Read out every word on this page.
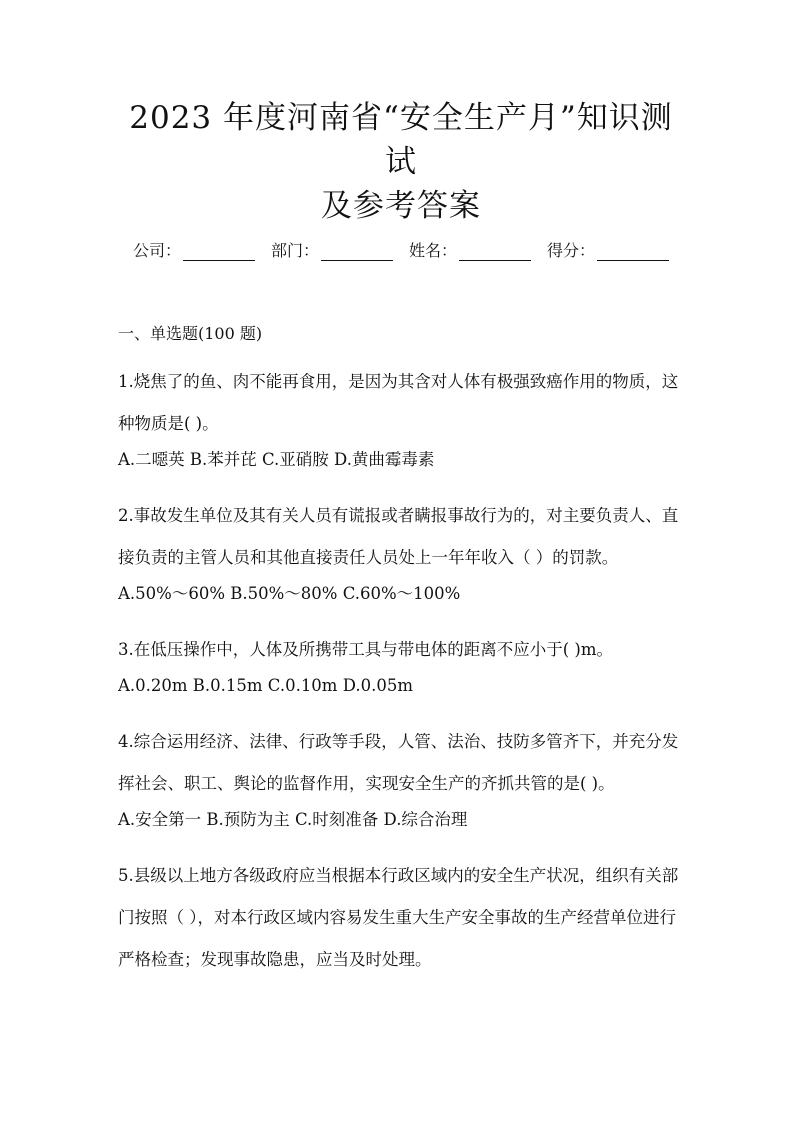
2023 年度河南省“安全生产月”知识测试
及参考答案
公司：	部门：	姓名：	得分：
一、单选题(100 题)

1.烧焦了的鱼、肉不能再食用，是因为其含对人体有极强致癌作用的物质，这种物质是( )。

A.二噁英 B.苯并芘 C.亚硝胺 D.黄曲霉毒素

2.事故发生单位及其有关人员有谎报或者瞒报事故行为的，对主要负责人、直接负责的主管人员和其他直接责任人员处上一年年收入（ ）的罚款。

A.50%～60% B.50%～80% C.60%～100%

3.在低压操作中，人体及所携带工具与带电体的距离不应小于( )m。

A.0.20m B.0.15m C.0.10m D.0.05m

4.综合运用经济、法律、行政等手段，人管、法治、技防多管齐下，并充分发挥社会、职工、舆论的监督作用，实现安全生产的齐抓共管的是( )。

A.安全第一 B.预防为主 C.时刻准备 D.综合治理

5.县级以上地方各级政府应当根据本行政区域内的安全生产状况，组织有关部门按照（ ），对本行政区域内容易发生重大生产安全事故的生产经营单位进行严格检查；发现事故隐患，应当及时处理。
